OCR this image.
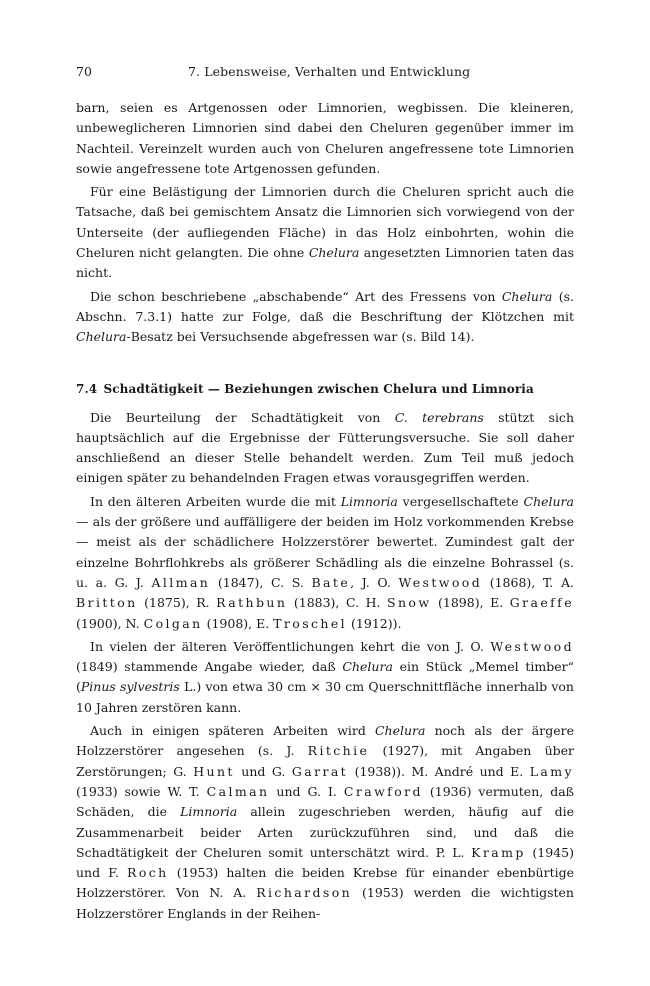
70	7. Lebensweise, Verhalten und Entwicklung

barn, seien es Artgenossen oder Limnorien, wegbissen. Die kleineren, unbeweglicheren Limnorien sind dabei den Cheluren gegenüber immer im Nachteil. Vereinzelt wurden auch von Cheluren angefressene tote Limnorien sowie angefressene tote Artgenossen gefunden.

Für eine Belästigung der Limnorien durch die Cheluren spricht auch die Tatsache, daß bei gemischtem Ansatz die Limnorien sich vorwiegend von der Unterseite (der aufliegenden Fläche) in das Holz einbohrten, wohin die Cheluren nicht gelangten. Die ohne Chelura angesetzten Limnorien taten das nicht.

Die schon beschriebene „abschabende“ Art des Fressens von Chelura (s. Abschn. 7.3.1) hatte zur Folge, daß die Beschriftung der Klötzchen mit Chelura-Besatz bei Versuchsende abgefressen war (s. Bild 14).

7.4 Schadtätigkeit — Beziehungen zwischen Chelura und Limnoria

Die Beurteilung der Schadtätigkeit von C. terebrans stützt sich hauptsächlich auf die Ergebnisse der Fütterungsversuche. Sie soll daher anschließend an dieser Stelle behandelt werden. Zum Teil muß jedoch einigen später zu behandelnden Fragen etwas vorausgegriffen werden.

In den älteren Arbeiten wurde die mit Limnoria vergesellschaftete Chelura — als der größere und auffälligere der beiden im Holz vorkommenden Krebse — meist als der schädlichere Holzzerstörer bewertet. Zumindest galt der einzelne Bohrflohkrebs als größerer Schädling als die einzelne Bohrassel (s. u. a. G. J. Allman (1847), C. S. Bate, J. O. Westwood (1868), T. A. Britton (1875), R. Rathbun (1883), C. H. Snow (1898), E. Graeffe (1900), N. Colgan (1908), E. Troschel (1912)).

In vielen der älteren Veröffentlichungen kehrt die von J. O. Westwood (1849) stammende Angabe wieder, daß Chelura ein Stück „Memel timber“ (Pinus sylvestris L.) von etwa 30 cm × 30 cm Querschnittfläche innerhalb von 10 Jahren zerstören kann.

Auch in einigen späteren Arbeiten wird Chelura noch als der ärgere Holzzerstörer angesehen (s. J. Ritchie (1927), mit Angaben über Zerstörungen; G. Hunt und G. Garrat (1938)). M. André und E. Lamy (1933) sowie W. T. Calman und G. I. Crawford (1936) vermuten, daß Schäden, die Limnoria allein zugeschrieben werden, häufig auf die Zusammenarbeit beider Arten zurückzuführen sind, und daß die Schadtätigkeit der Cheluren somit unterschätzt wird. P. L. Kramp (1945) und F. Roch (1953) halten die beiden Krebse für einander ebenbürtige Holzzerstörer. Von N. A. Richardson (1953) werden die wichtigsten Holzzerstörer Englands in der Reihen-
